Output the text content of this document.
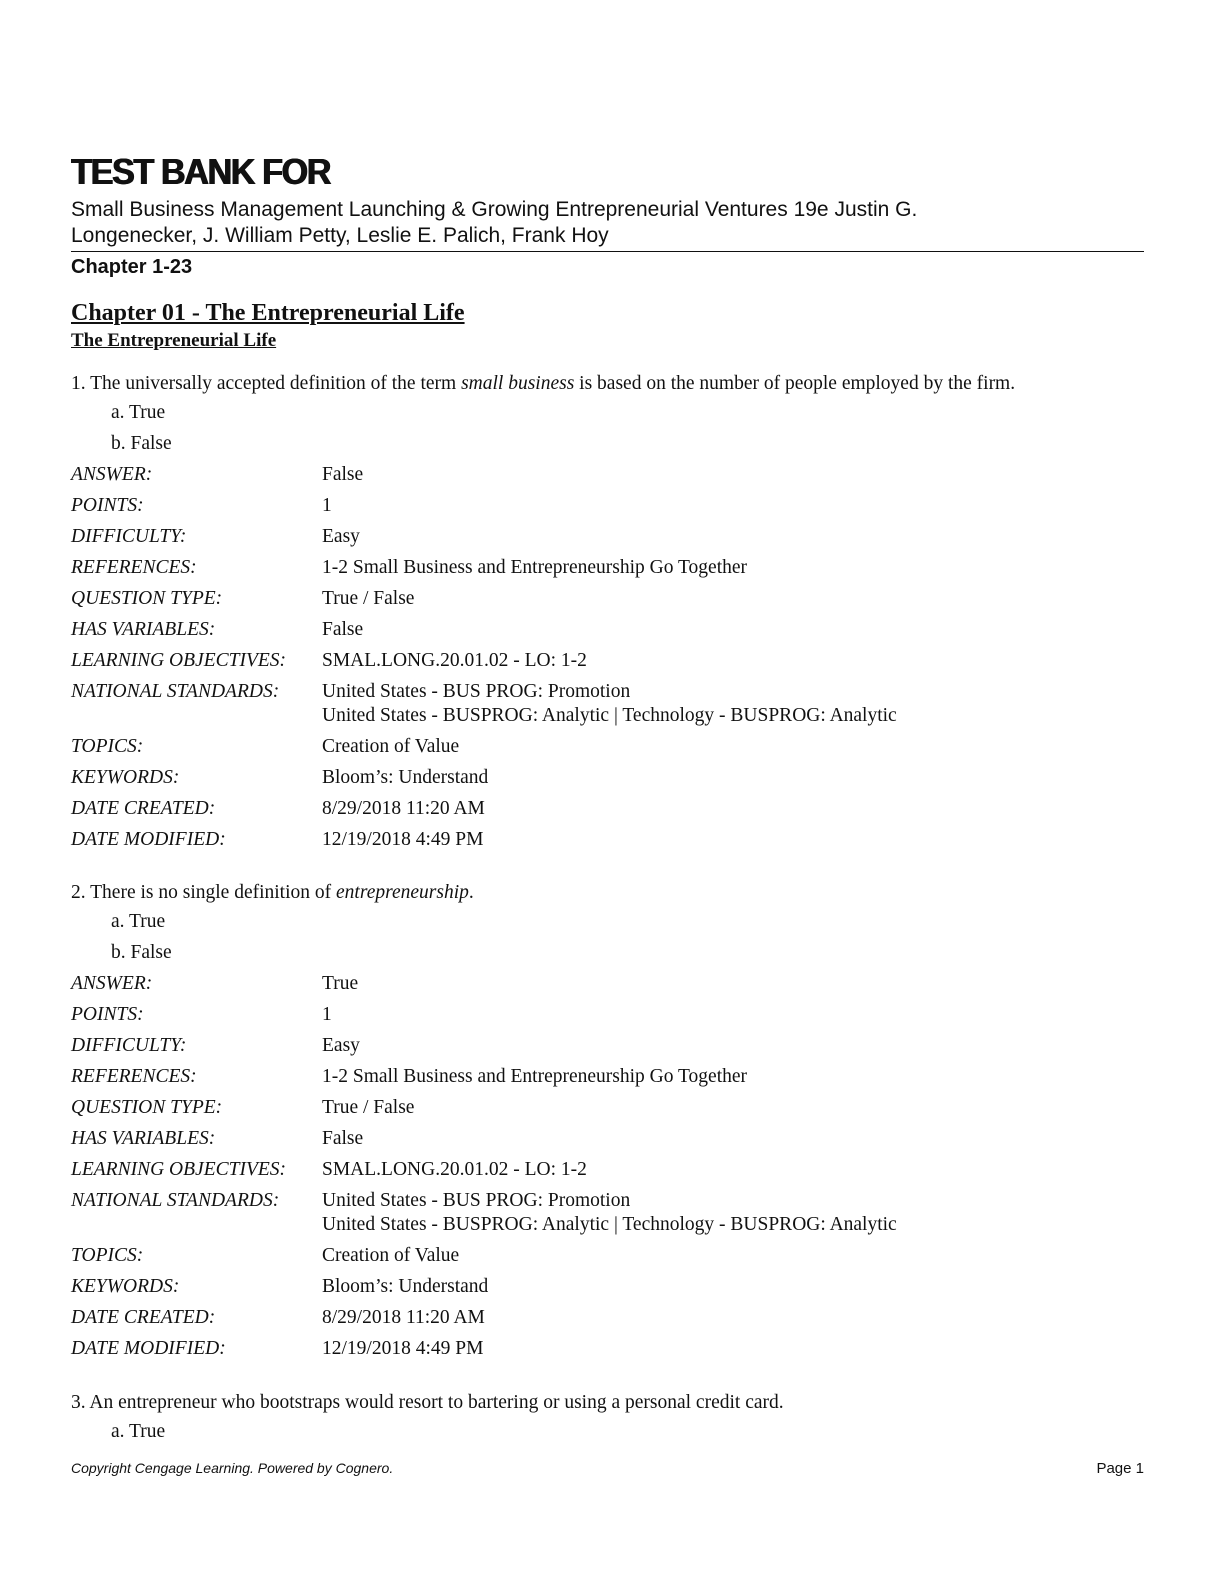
TEST BANK FOR
Small Business Management Launching & Growing Entrepreneurial Ventures 19e Justin G.
Longenecker, J. William Petty, Leslie E. Palich, Frank Hoy
Chapter 1-23
Chapter 01 - The Entrepreneurial Life
The Entrepreneurial Life
1. The universally accepted definition of the term small business is based on the number of people employed by the firm.
a. True
b. False
ANSWER:	False
POINTS:	1
DIFFICULTY:	Easy
REFERENCES:	1-2 Small Business and Entrepreneurship Go Together
QUESTION TYPE:	True / False
HAS VARIABLES:	False
LEARNING OBJECTIVES:	SMAL.LONG.20.01.02 - LO: 1-2
NATIONAL STANDARDS:	United States - BUS PROG: Promotion
United States - BUSPROG: Analytic | Technology - BUSPROG: Analytic
TOPICS:	Creation of Value
KEYWORDS:	Bloom’s: Understand
DATE CREATED:	8/29/2018 11:20 AM
DATE MODIFIED:	12/19/2018 4:49 PM
2. There is no single definition of entrepreneurship.
a. True
b. False
ANSWER:	True
POINTS:	1
DIFFICULTY:	Easy
REFERENCES:	1-2 Small Business and Entrepreneurship Go Together
QUESTION TYPE:	True / False
HAS VARIABLES:	False
LEARNING OBJECTIVES:	SMAL.LONG.20.01.02 - LO: 1-2
NATIONAL STANDARDS:	United States - BUS PROG: Promotion
United States - BUSPROG: Analytic | Technology - BUSPROG: Analytic
TOPICS:	Creation of Value
KEYWORDS:	Bloom’s: Understand
DATE CREATED:	8/29/2018 11:20 AM
DATE MODIFIED:	12/19/2018 4:49 PM
3. An entrepreneur who bootstraps would resort to bartering or using a personal credit card.
a. True
Copyright Cengage Learning. Powered by Cognero.	Page 1
